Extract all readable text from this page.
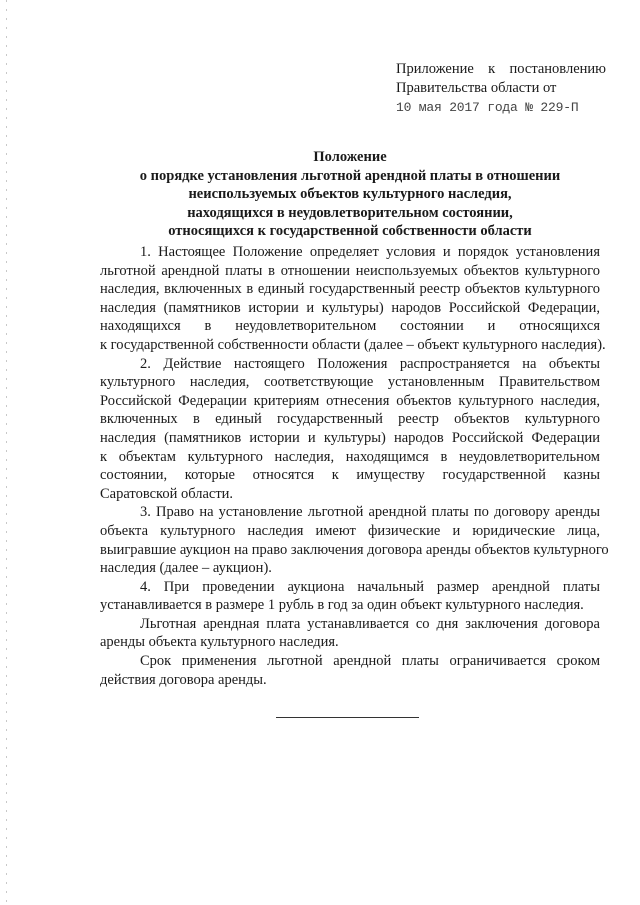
Приложение к постановлению
Правительства области от
10 мая 2017 года № 229-П
Положение
о порядке установления льготной арендной платы в отношении
неиспользуемых объектов культурного наследия,
находящихся в неудовлетворительном состоянии,
относящихся к государственной собственности области
1. Настоящее Положение определяет условия и порядок установления
льготной арендной платы в отношении неиспользуемых объектов культурного
наследия, включенных в единый государственный реестр объектов культурного
наследия (памятников истории и культуры) народов Российской Федерации,
находящихся в неудовлетворительном состоянии и относящихся
к государственной собственности области (далее – объект культурного наследия).
2. Действие настоящего Положения распространяется на объекты
культурного наследия, соответствующие установленным Правительством
Российской Федерации критериям отнесения объектов культурного наследия,
включенных в единый государственный реестр объектов культурного
наследия (памятников истории и культуры) народов Российской Федерации
к объектам культурного наследия, находящимся в неудовлетворительном
состоянии, которые относятся к имуществу государственной казны
Саратовской области.
3. Право на установление льготной арендной платы по договору аренды
объекта культурного наследия имеют физические и юридические лица,
выигравшие аукцион на право заключения договора аренды объектов культурного
наследия (далее – аукцион).
4. При проведении аукциона начальный размер арендной платы
устанавливается в размере 1 рубль в год за один объект культурного наследия.
Льготная арендная плата устанавливается со дня заключения договора
аренды объекта культурного наследия.
Срок применения льготной арендной платы ограничивается сроком
действия договора аренды.
